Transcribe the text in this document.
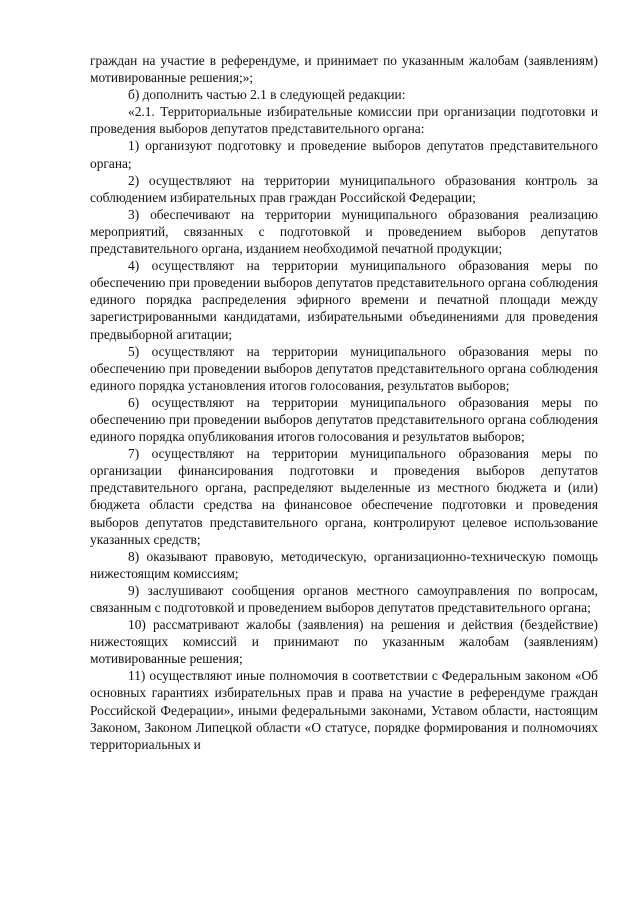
граждан на участие в референдуме, и принимает по указанным жалобам (заявлениям) мотивированные решения;»;

б) дополнить частью 2.1 в следующей редакции:

«2.1. Территориальные избирательные комиссии при организации подготовки и проведения выборов депутатов представительного органа:

1) организуют подготовку и проведение выборов депутатов представительного органа;

2) осуществляют на территории муниципального образования контроль за соблюдением избирательных прав граждан Российской Федерации;

3) обеспечивают на территории муниципального образования реализацию мероприятий, связанных с подготовкой и проведением выборов депутатов представительного органа, изданием необходимой печатной продукции;

4) осуществляют на территории муниципального образования меры по обеспечению при проведении выборов депутатов представительного органа соблюдения единого порядка распределения эфирного времени и печатной площади между зарегистрированными кандидатами, избирательными объединениями для проведения предвыборной агитации;

5) осуществляют на территории муниципального образования меры по обеспечению при проведении выборов депутатов представительного органа соблюдения единого порядка установления итогов голосования, результатов выборов;

6) осуществляют на территории муниципального образования меры по обеспечению при проведении выборов депутатов представительного органа соблюдения единого порядка опубликования итогов голосования и результатов выборов;

7) осуществляют на территории муниципального образования меры по организации финансирования подготовки и проведения выборов депутатов представительного органа, распределяют выделенные из местного бюджета и (или) бюджета области средства на финансовое обеспечение подготовки и проведения выборов депутатов представительного органа, контролируют целевое использование указанных средств;

8) оказывают правовую, методическую, организационно-техническую помощь нижестоящим комиссиям;

9) заслушивают сообщения органов местного самоуправления по вопросам, связанным с подготовкой и проведением выборов депутатов представительного органа;

10) рассматривают жалобы (заявления) на решения и действия (бездействие) нижестоящих комиссий и принимают по указанным жалобам (заявлениям) мотивированные решения;

11) осуществляют иные полномочия в соответствии с Федеральным законом «Об основных гарантиях избирательных прав и права на участие в референдуме граждан Российской Федерации», иными федеральными законами, Уставом области, настоящим Законом, Законом Липецкой области «О статусе, порядке формирования и полномочиях территориальных и
